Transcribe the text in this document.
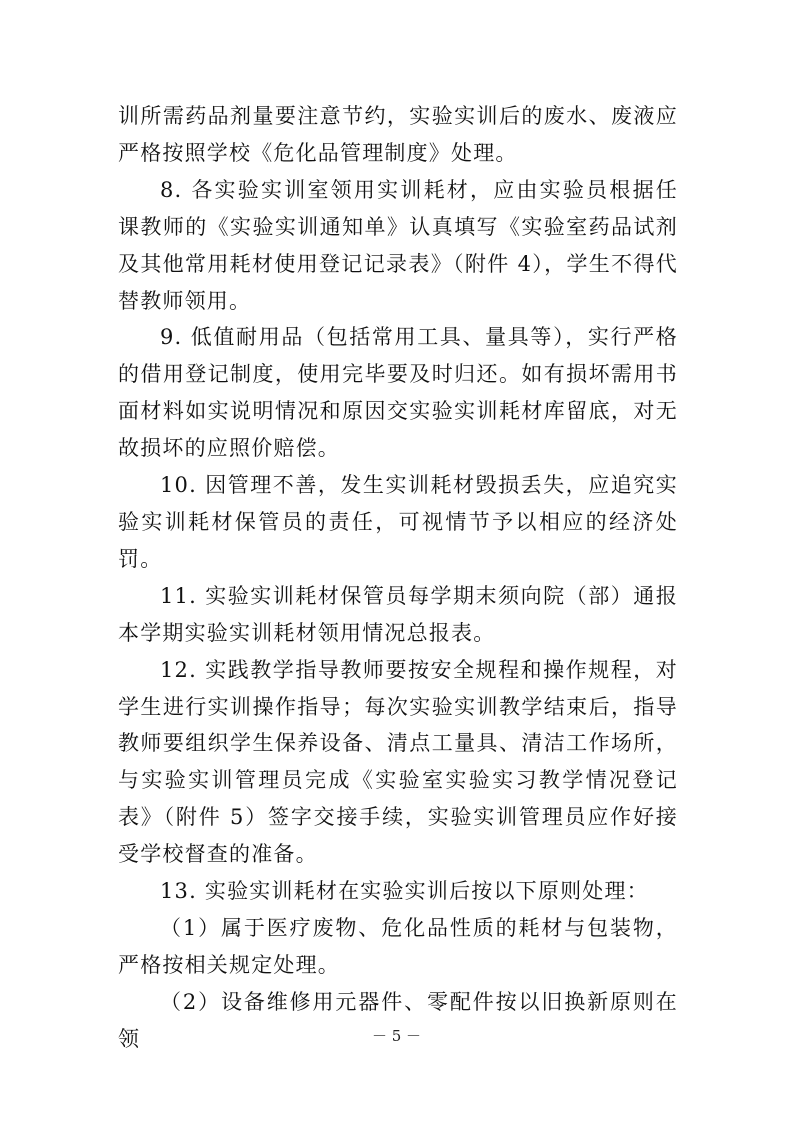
训所需药品剂量要注意节约，实验实训后的废水、废液应严格按照学校《危化品管理制度》处理。

8. 各实验实训室领用实训耗材，应由实验员根据任课教师的《实验实训通知单》认真填写《实验室药品试剂及其他常用耗材使用登记记录表》（附件 4），学生不得代替教师领用。

9. 低值耐用品（包括常用工具、量具等），实行严格的借用登记制度，使用完毕要及时归还。如有损坏需用书面材料如实说明情况和原因交实验实训耗材库留底，对无故损坏的应照价赔偿。

10. 因管理不善，发生实训耗材毁损丢失，应追究实验实训耗材保管员的责任，可视情节予以相应的经济处罚。

11. 实验实训耗材保管员每学期末须向院（部）通报本学期实验实训耗材领用情况总报表。

12. 实践教学指导教师要按安全规程和操作规程，对学生进行实训操作指导；每次实验实训教学结束后，指导教师要组织学生保养设备、清点工量具、清洁工作场所，与实验实训管理员完成《实验室实验实习教学情况登记表》（附件 5）签字交接手续，实验实训管理员应作好接受学校督查的准备。

13. 实验实训耗材在实验实训后按以下原则处理：

（1）属于医疗废物、危化品性质的耗材与包装物，严格按相关规定处理。

（2）设备维修用元器件、零配件按以旧换新原则在领	－ 5 －
